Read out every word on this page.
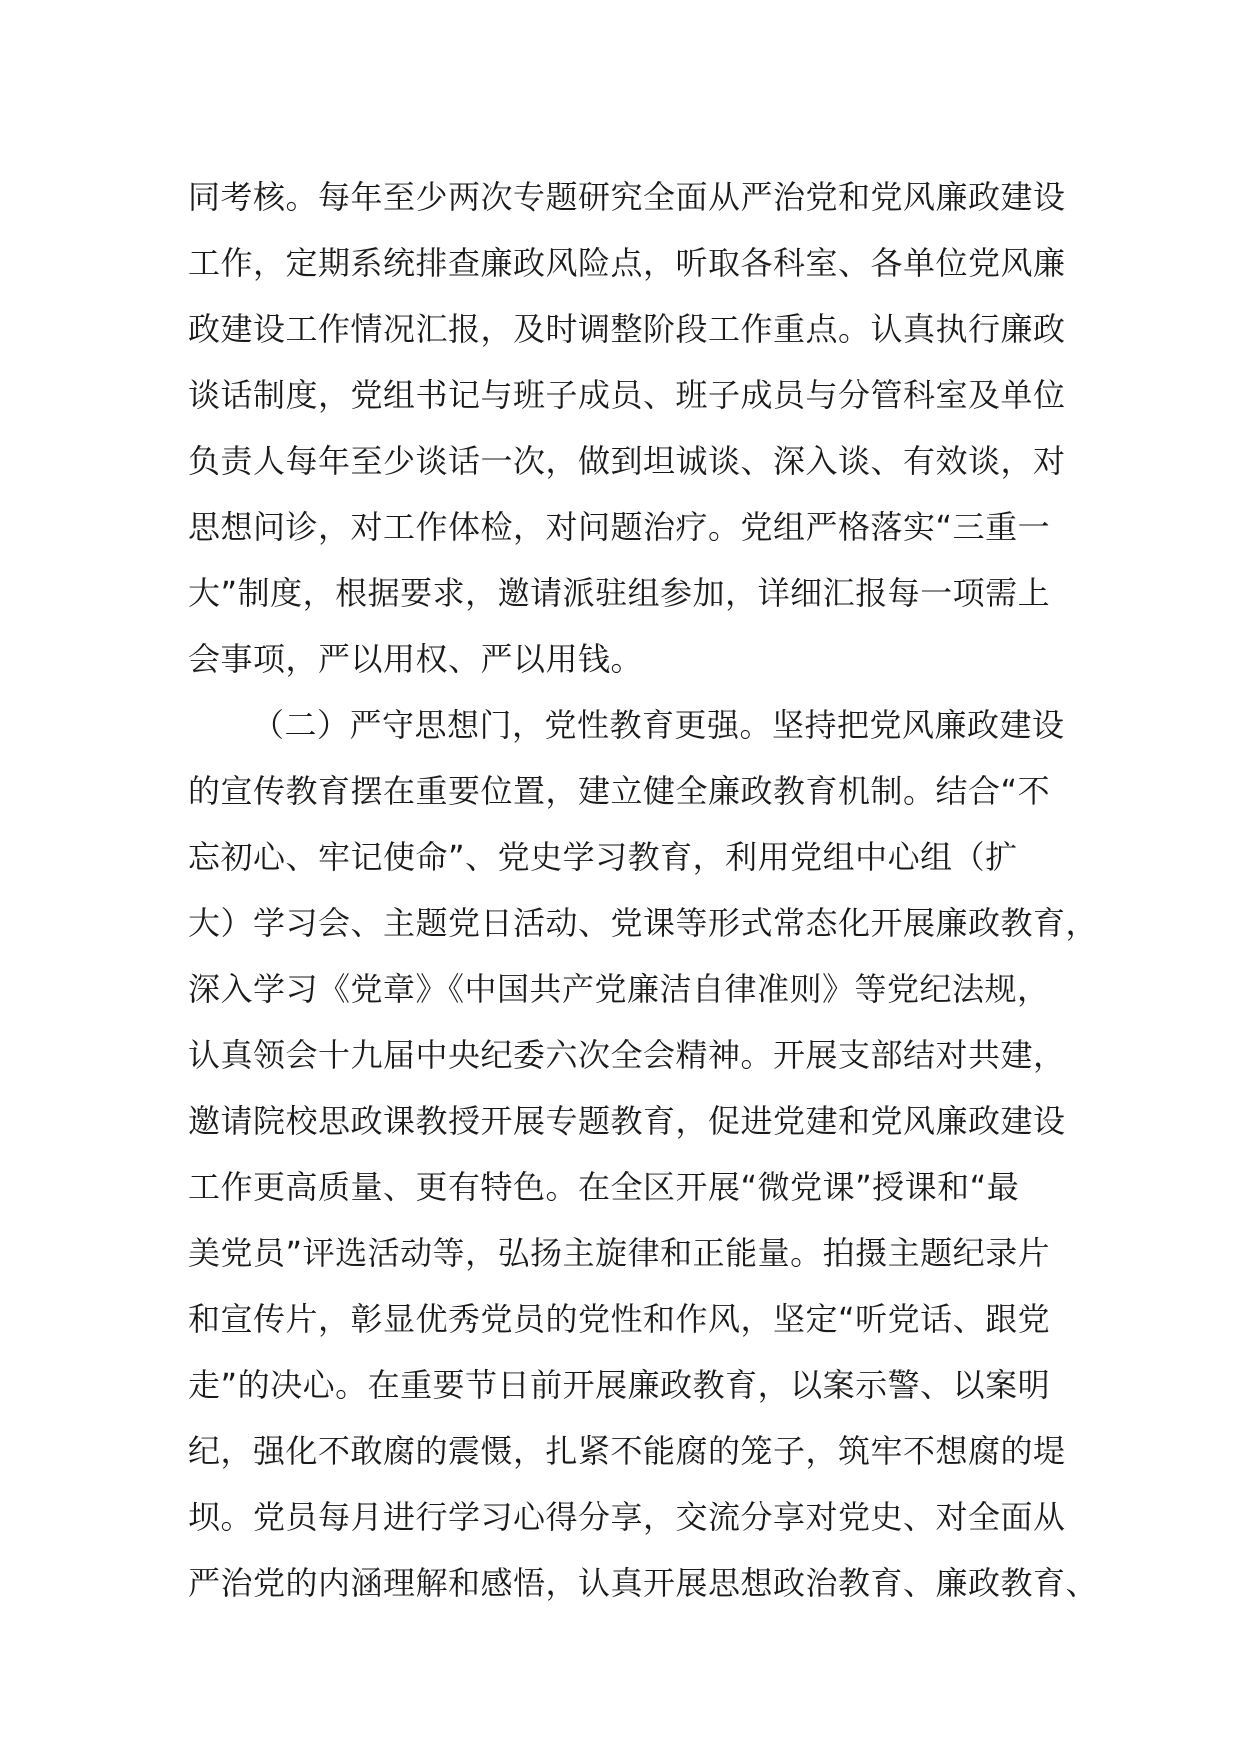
同考核。每年至少两次专题研究全面从严治党和党风廉政建设
工作，定期系统排查廉政风险点，听取各科室、各单位党风廉
政建设工作情况汇报，及时调整阶段工作重点。认真执行廉政
谈话制度，党组书记与班子成员、班子成员与分管科室及单位
负责人每年至少谈话一次，做到坦诚谈、深入谈、有效谈，对
思想问诊，对工作体检，对问题治疗。党组严格落实“三重一
大”制度，根据要求，邀请派驻组参加，详细汇报每一项需上
会事项，严以用权、严以用钱。
（二）严守思想门，党性教育更强。坚持把党风廉政建设
的宣传教育摆在重要位置，建立健全廉政教育机制。结合“不
忘初心、牢记使命”、党史学习教育，利用党组中心组（扩
大）学习会、主题党日活动、党课等形式常态化开展廉政教育，
深入学习《党章》《中国共产党廉洁自律准则》等党纪法规，
认真领会十九届中央纪委六次全会精神。开展支部结对共建，
邀请院校思政课教授开展专题教育，促进党建和党风廉政建设
工作更高质量、更有特色。在全区开展“微党课”授课和“最
美党员”评选活动等，弘扬主旋律和正能量。拍摄主题纪录片
和宣传片，彰显优秀党员的党性和作风，坚定“听党话、跟党
走”的决心。在重要节日前开展廉政教育，以案示警、以案明
纪，强化不敢腐的震慑，扎紧不能腐的笼子，筑牢不想腐的堤
坝。党员每月进行学习心得分享，交流分享对党史、对全面从
严治党的内涵理解和感悟，认真开展思想政治教育、廉政教育、
